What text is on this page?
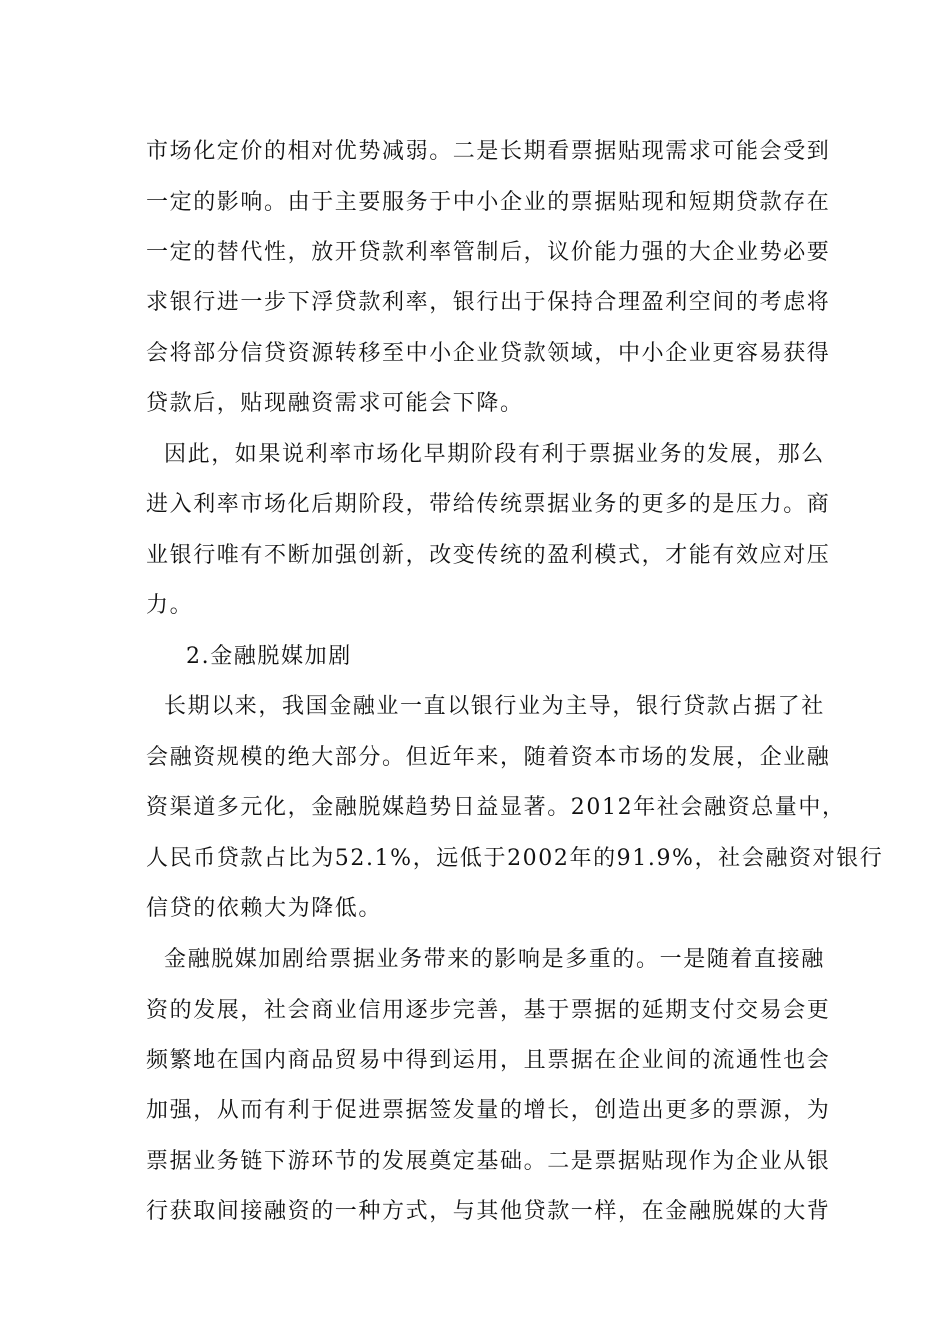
市场化定价的相对优势减弱。二是长期看票据贴现需求可能会受到
一定的影响。由于主要服务于中小企业的票据贴现和短期贷款存在
一定的替代性，放开贷款利率管制后，议价能力强的大企业势必要
求银行进一步下浮贷款利率，银行出于保持合理盈利空间的考虑将
会将部分信贷资源转移至中小企业贷款领域，中小企业更容易获得
贷款后，贴现融资需求可能会下降。
因此，如果说利率市场化早期阶段有利于票据业务的发展，那么
进入利率市场化后期阶段，带给传统票据业务的更多的是压力。商
业银行唯有不断加强创新，改变传统的盈利模式，才能有效应对压
力。
2.金融脱媒加剧
长期以来，我国金融业一直以银行业为主导，银行贷款占据了社
会融资规模的绝大部分。但近年来，随着资本市场的发展，企业融
资渠道多元化，金融脱媒趋势日益显著。2012年社会融资总量中，
人民币贷款占比为52.1%，远低于2002年的91.9%，社会融资对银行
信贷的依赖大为降低。
金融脱媒加剧给票据业务带来的影响是多重的。一是随着直接融
资的发展，社会商业信用逐步完善，基于票据的延期支付交易会更
频繁地在国内商品贸易中得到运用，且票据在企业间的流通性也会
加强，从而有利于促进票据签发量的增长，创造出更多的票源，为
票据业务链下游环节的发展奠定基础。二是票据贴现作为企业从银
行获取间接融资的一种方式，与其他贷款一样，在金融脱媒的大背
